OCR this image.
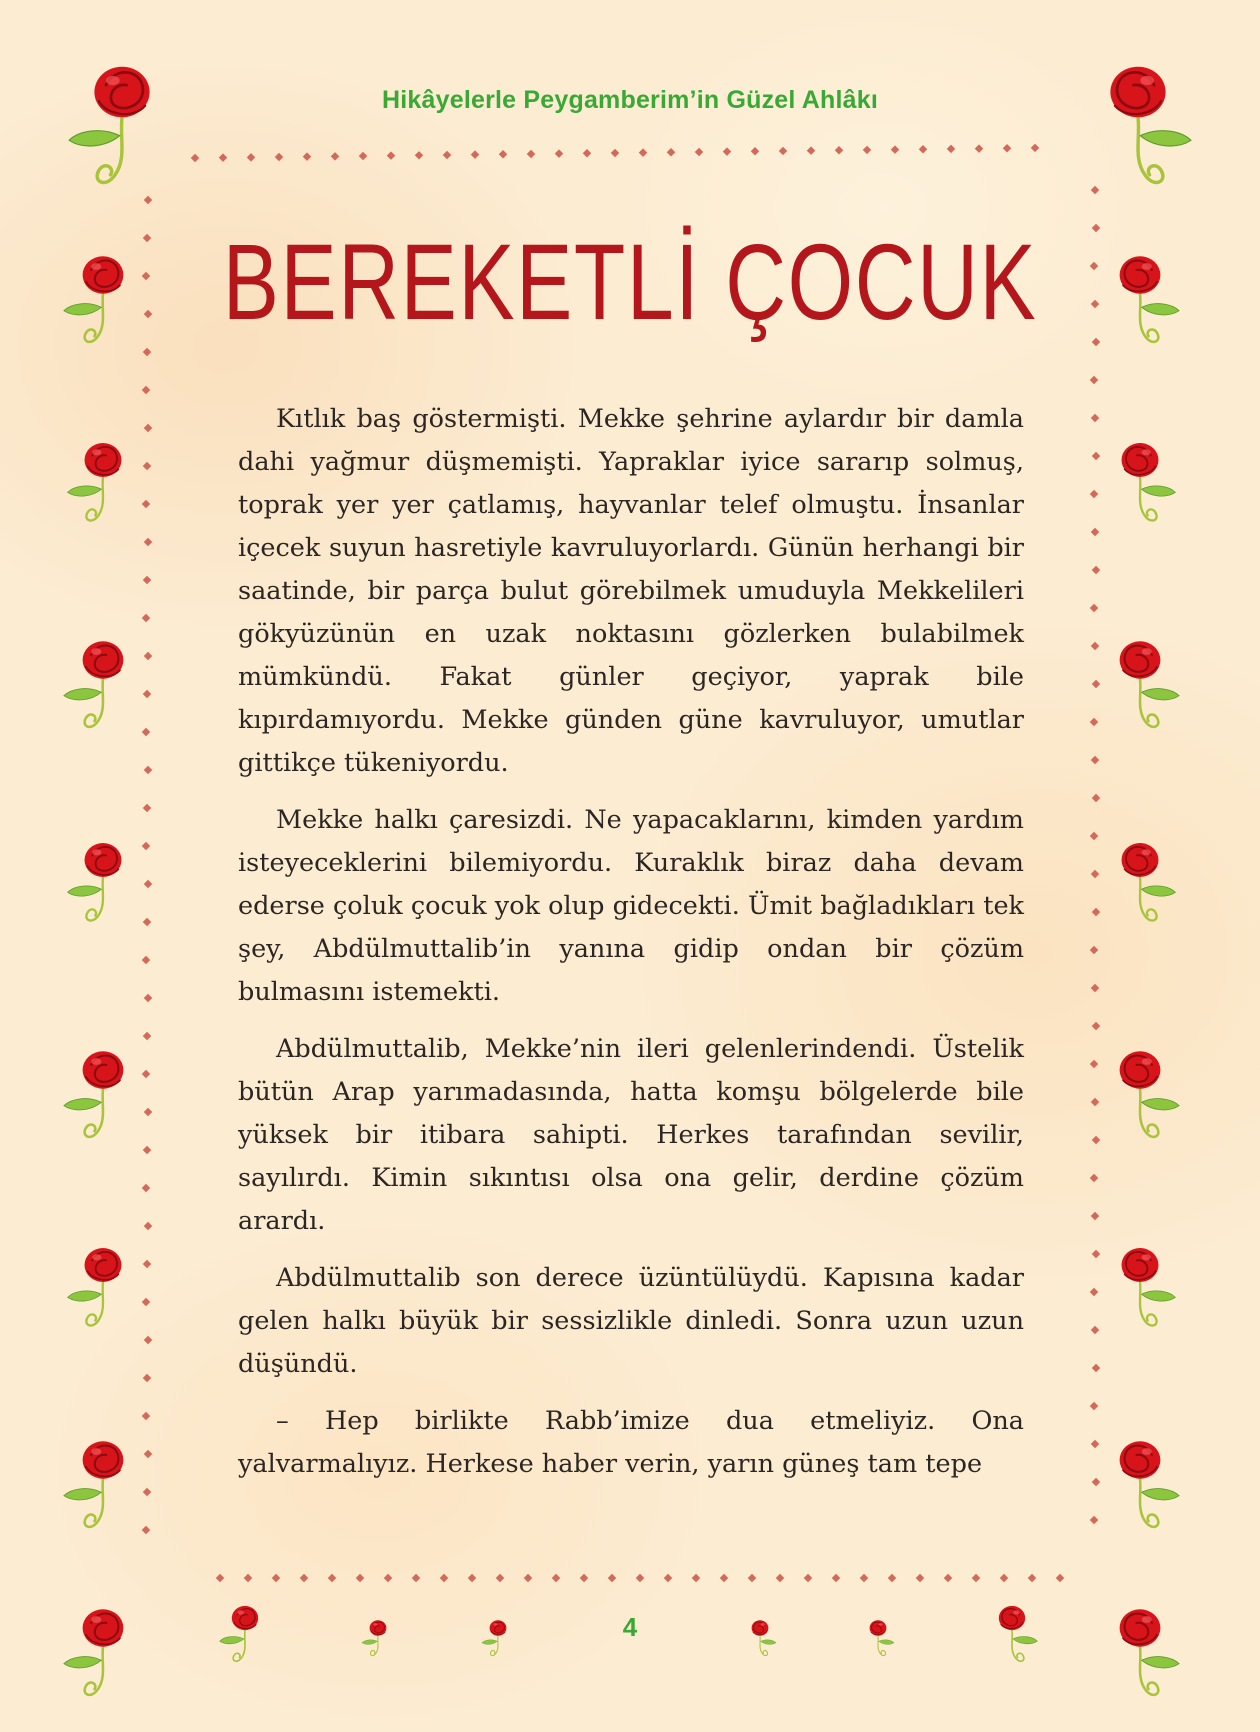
Hikâyelerle Peygamberim’in Güzel Ahlâkı
BEREKETLİ ÇOCUK

Kıtlık baş göstermişti. Mekke şehrine aylardır bir damla dahi yağmur düşmemişti. Yapraklar iyice sararıp solmuş, toprak yer yer çatlamış, hayvanlar telef olmuştu. İnsanlar içecek suyun hasretiyle kavruluyorlardı. Günün herhangi bir saatinde, bir parça bulut görebilmek umuduyla Mekkelileri gökyüzünün en uzak noktasını gözlerken bulabilmek mümkündü. Fakat günler geçiyor, yaprak bile kıpırdamıyordu. Mekke günden güne kavruluyor, umutlar gittikçe tükeniyordu.

Mekke halkı çaresizdi. Ne yapacaklarını, kimden yardım isteyeceklerini bilemiyordu. Kuraklık biraz daha devam ederse çoluk çocuk yok olup gidecekti. Ümit bağladıkları tek şey, Abdülmuttalib’in yanına gidip ondan bir çözüm bulmasını istemekti.

Abdülmuttalib, Mekke’nin ileri gelenlerindendi. Üstelik bütün Arap yarımadasında, hatta komşu bölgelerde bile yüksek bir itibara sahipti. Herkes tarafından sevilir, sayılırdı. Kimin sıkıntısı olsa ona gelir, derdine çözüm arardı.

Abdülmuttalib son derece üzüntülüydü. Kapısına kadar gelen halkı büyük bir sessizlikle dinledi. Sonra uzun uzun düşündü.

– Hep birlikte Rabb’imize dua etmeliyiz. Ona yalvarmalıyız. Herkese haber verin, yarın güneş tam tepe

4
